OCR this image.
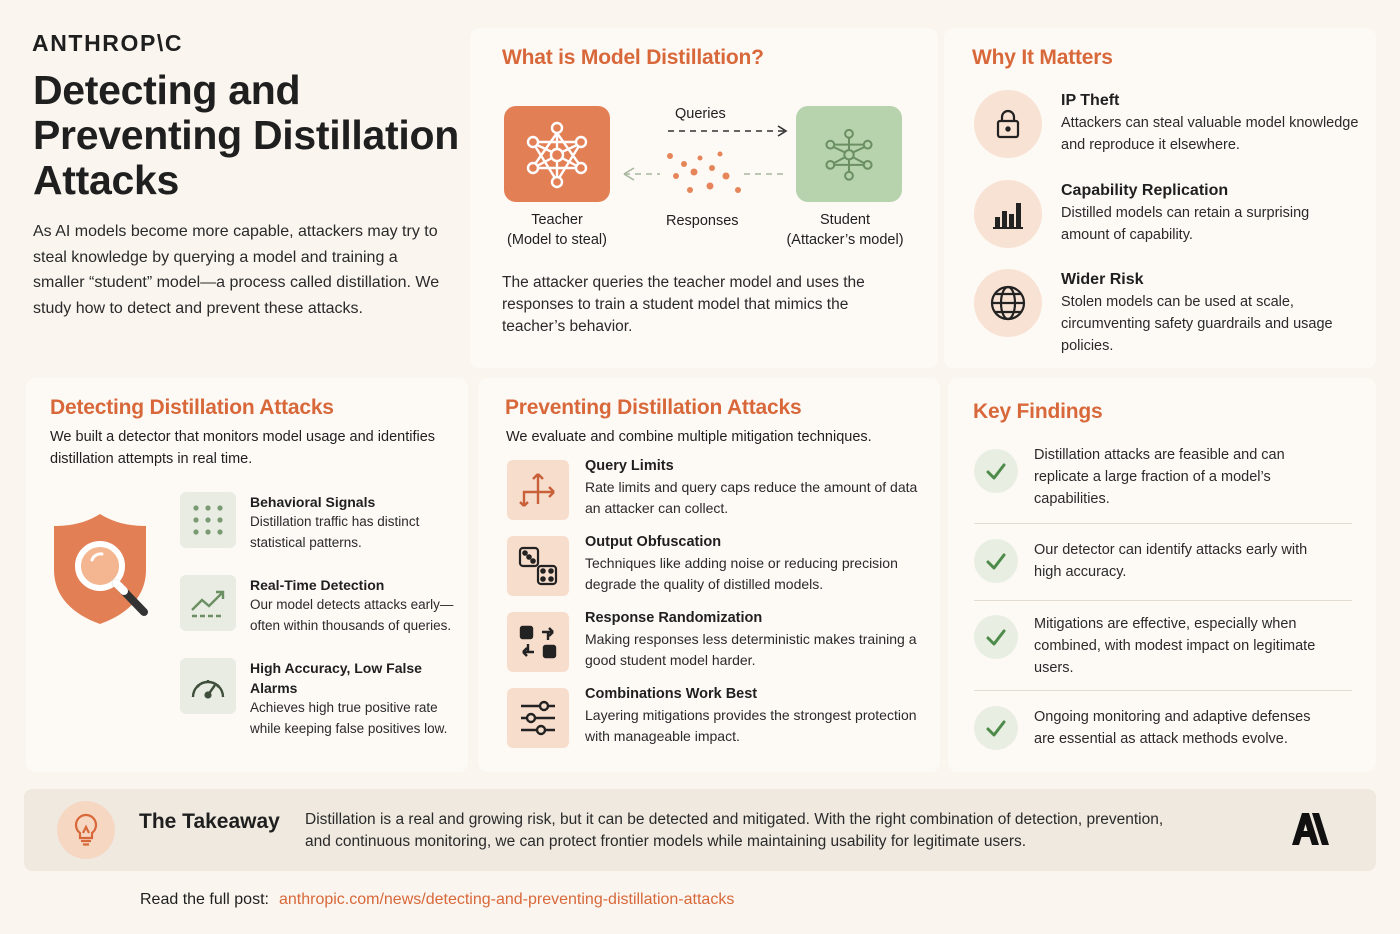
ANTHROP\C
Detecting and Preventing Distillation Attacks

As AI models become more capable, attackers may try to steal knowledge by querying a model and training a smaller “student” model—a process called distillation. We study how to detect and prevent these attacks.

What is Model Distillation?
Queries
Responses
Teacher
(Model to steal)
Student
(Attacker’s model)

The attacker queries the teacher model and uses the responses to train a student model that mimics the teacher’s behavior.

Why It Matters
IP Theft
Attackers can steal valuable model knowledge and reproduce it elsewhere.
Capability Replication
Distilled models can retain a surprising amount of capability.
Wider Risk
Stolen models can be used at scale, circumventing safety guardrails and usage policies.
Detecting Distillation Attacks

We built a detector that monitors model usage and identifies distillation attempts in real time.

Behavioral Signals
Distillation traffic has distinct statistical patterns.
Real-Time Detection
Our model detects attacks early—often within thousands of queries.
High Accuracy, Low False Alarms
Achieves high true positive rate while keeping false positives low.
Preventing Distillation Attacks

We evaluate and combine multiple mitigation techniques.

Query Limits
Rate limits and query caps reduce the amount of data an attacker can collect.
Output Obfuscation
Techniques like adding noise or reducing precision degrade the quality of distilled models.
Response Randomization
Making responses less deterministic makes training a good student model harder.
Combinations Work Best
Layering mitigations provides the strongest protection with manageable impact.
Key Findings
Distillation attacks are feasible and can replicate a large fraction of a model’s capabilities.
Our detector can identify attacks early with high accuracy.
Mitigations are effective, especially when combined, with modest impact on legitimate users.
Ongoing monitoring and adaptive defenses are essential as attack methods evolve.
The Takeaway Distillation is a real and growing risk, but it can be detected and mitigated. With the right combination of detection, prevention, and continuous monitoring, we can protect frontier models while maintaining usability for legitimate users.

Read the full post: anthropic.com/news/detecting-and-preventing-distillation-attacks
